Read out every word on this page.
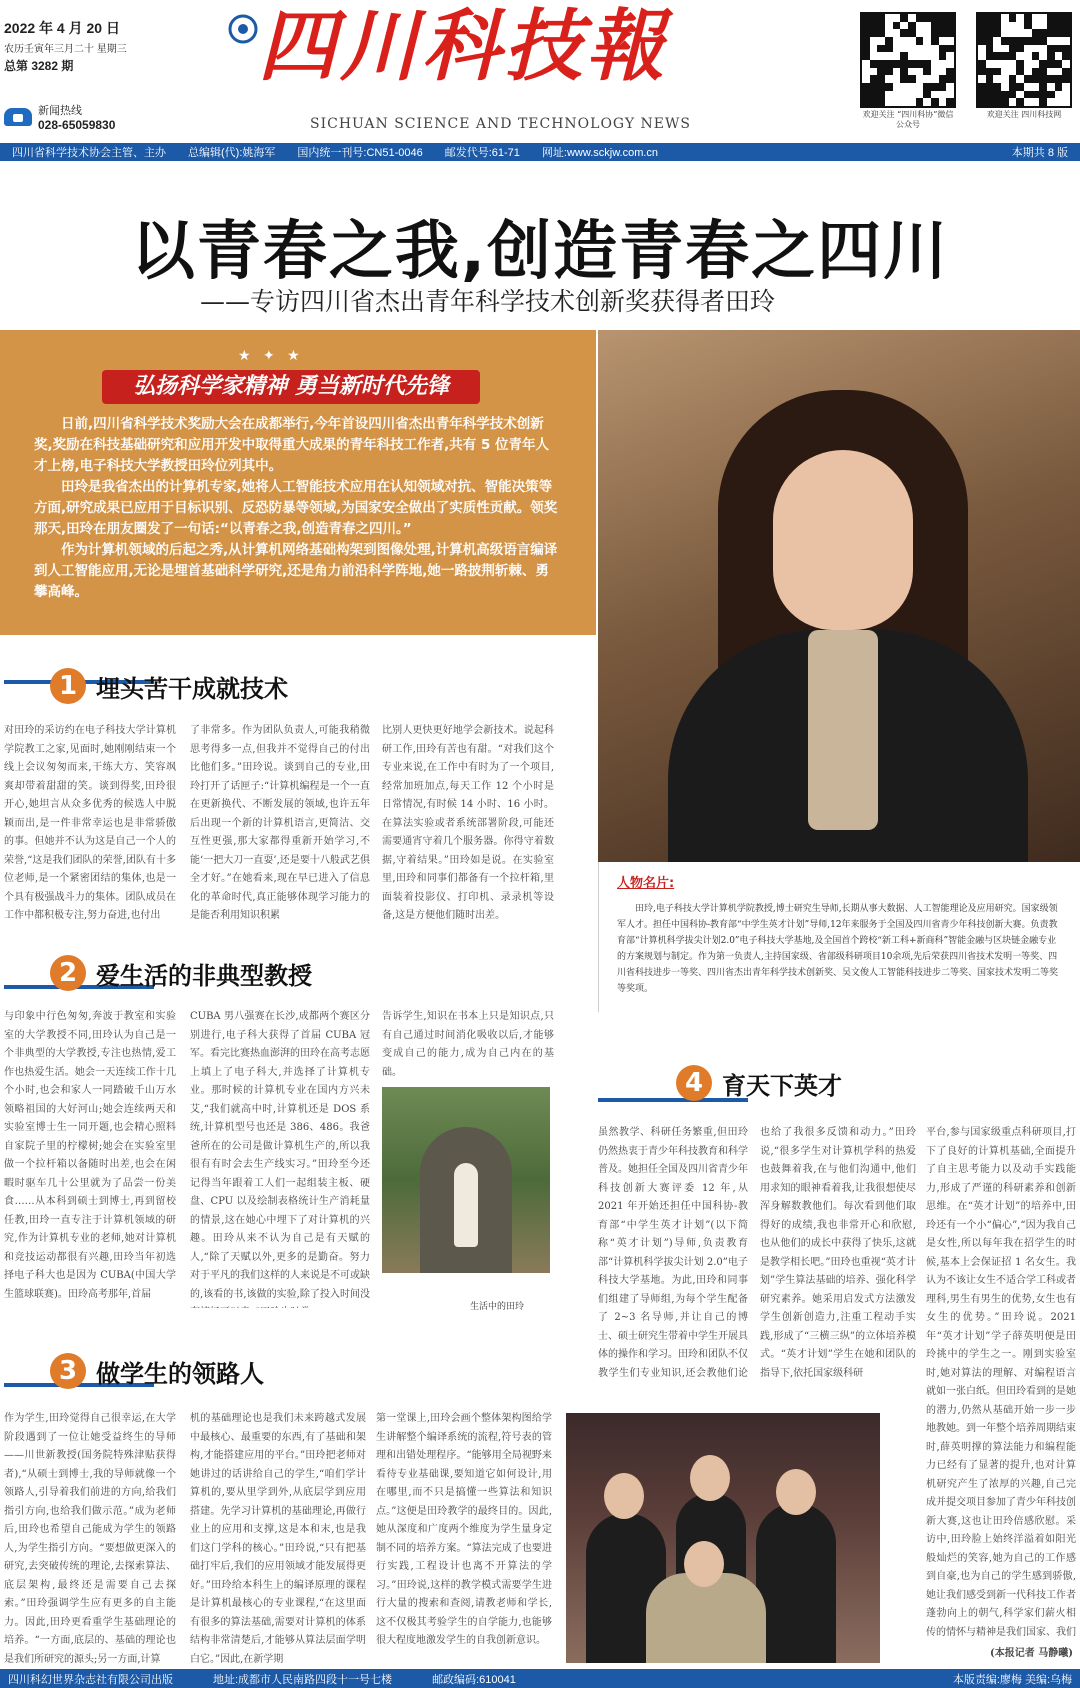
2022 年 4 月 20 日
农历壬寅年三月二十 星期三
总第 3282 期
新闻热线
028-65059830
四川科技報
SICHUAN SCIENCE AND TECHNOLOGY NEWS
欢迎关注 “四川科协”微信公众号
欢迎关注 四川科技网
四川省科学技术协会主管、主办 总编辑(代):姚海军 国内统一刊号:CN51-0046 邮发代号:61-71 网址:www.sckjw.com.cn	本期共 8 版
以青春之我,创造青春之四川
——专访四川省杰出青年科学技术创新奖获得者田玲
★ ✦ ★
弘扬科学家精神 勇当新时代先锋

日前,四川省科学技术奖励大会在成都举行,今年首设四川省杰出青年科学技术创新奖,奖励在科技基础研究和应用开发中取得重大成果的青年科技工作者,共有 5 位青年人才上榜,电子科技大学教授田玲位列其中。

田玲是我省杰出的计算机专家,她将人工智能技术应用在认知领域对抗、智能决策等方面,研究成果已应用于目标识别、反恐防暴等领域,为国家安全做出了实质性贡献。领奖那天,田玲在朋友圈发了一句话:“以青春之我,创造青春之四川。”

作为计算机领域的后起之秀,从计算机网络基础构架到图像处理,计算机高级语言编译到人工智能应用,无论是埋首基础科学研究,还是角力前沿科学阵地,她一路披荆斩棘、勇攀高峰。

人物名片:
田玲,电子科技大学计算机学院教授,博士研究生导师,长期从事大数据、人工智能理论及应用研究。国家级领军人才。担任中国科协-教育部“中学生英才计划”导师,12年来服务于全国及四川省青少年科技创新大赛。负责教育部“计算机科学拔尖计划2.0”电子科技大学基地,及全国首个跨校“新工科+新商科”智能金融与区块链金融专业的方案规划与制定。作为第一负责人,主持国家级、省部级科研项目10余项,先后荣获四川省技术发明一等奖、四川省科技进步一等奖、四川省杰出青年科学技术创新奖、吴文俊人工智能科技进步二等奖、国家技术发明二等奖等奖项。
1 埋头苦干成就技术
对田玲的采访约在电子科技大学计算机学院教工之家,见面时,她刚刚结束一个线上会议匆匆而来,干练大方、笑容飒爽却带着甜甜的笑。谈到得奖,田玲很开心,她坦言从众多优秀的候选人中脱颖而出,是一件非常幸运也是非常骄傲的事。但她并不认为这是自己一个人的荣誉,“这是我们团队的荣誉,团队有十多位老师,是一个紧密团结的集体,也是一个具有极强战斗力的集体。团队成员在工作中都积极专注,努力奋进,也付出
了非常多。作为团队负责人,可能我稍微思考得多一点,但我并不觉得自己的付出比他们多。”田玲说。谈到自己的专业,田玲打开了话匣子:“计算机编程是一个一直在更新换代、不断发展的领域,也许五年后出现一个新的计算机语言,更简洁、交互性更强,那大家都得重新开始学习,不能‘一把大刀一直耍’,还是要十八般武艺俱全才好。”在她看来,现在早已进入了信息化的革命时代,真正能够体现学习能力的是能否利用知识积累
比别人更快更好地学会新技术。说起科研工作,田玲有苦也有甜。“对我们这个专业来说,在工作中有时为了一个项目,经常加班加点,每天工作 12 个小时是日常情况,有时候 14 小时、16 小时。在算法实验或者系统部署阶段,可能还需要通宵守着几个服务器。你得守着数据,守着结果。”田玲如是说。在实验室里,田玲和同事们都备有一个拉杆箱,里面装着投影仪、打印机、录录机等设备,这是方便他们随时出差。
2 爱生活的非典型教授
与印象中行色匆匆,奔波于教室和实验室的大学教授不同,田玲认为自己是一个非典型的大学教授,专注也热情,爱工作也热爱生活。她会一天连续工作十几个小时,也会和家人一同踏破千山万水领略祖国的大好河山;她会连续两天和实验室博士生一同开题,也会精心照料自家院子里的柠檬树;她会在实验室里做一个拉杆箱以备随时出差,也会在闲暇时驱车几十公里就为了品尝一份美食……从本科到硕士到博士,再到留校任教,田玲一直专注于计算机领域的研究,作为计算机专业的老师,她对计算机和竞技运动都很有兴趣,田玲当年初选择电子科大也是因为 CUBA(中国大学生篮球联赛)。田玲高考那年,首届
CUBA 男八强赛在长沙,成都两个赛区分别进行,电子科大获得了首届 CUBA 冠军。看完比赛热血澎湃的田玲在高考志愿上填上了电子科大,并选择了计算机专业。那时候的计算机专业在国内方兴未艾,“我们就高中时,计算机还是 DOS 系统,计算机型号也还是 386、486。我爸爸所在的公司是做计算机生产的,所以我很有有时会去生产线实习。”田玲至今还记得当年跟着工人们一起组装主板、硬盘、CPU 以及绘制表格统计生产消耗量的情景,这在她心中埋下了对计算机的兴趣。田玲从来不认为自己是有天赋的人,“除了天赋以外,更多的是勤奋。努力对于平凡的我们这样的人来说是不可或缺的,该看的书,该做的实验,除了投入时间没
告诉学生,知识在书本上只是知识点,只有自己通过时间消化吸收以后,才能够变成自己的能力,成为自己内在的基础。
生活中的田玲
3 做学生的领路人
作为学生,田玲觉得自己很幸运,在大学阶段遇到了一位让她受益终生的导师——川世新教授(国务院特殊津贴获得者),“从硕士到博士,我的导师就像一个领路人,引导着我们前进的方向,给我们指引方向,也给我们做示范。”成为老师后,田玲也希望自己能成为学生的领路人,为学生指引方向。“要想做更深入的研究,去突破传统的理论,去探索算法、底层架构,最终还是需要自己去探索。”田玲强调学生应有更多的自主能力。因此,田玲更看重学生基础理论的培养。“一方面,底层的、基础的理论也是我们所研究的源头;另一方面,计算
机的基础理论也是我们未来跨越式发展中最核心、最重要的东西,有了基础和架构,才能搭建应用的平台。”田玲把老师对她讲过的话讲给自己的学生,“咱们学计算机的,要从里学到外,从底层学到应用搭建。先学习计算机的基础理论,再做行业上的应用和支撑,这是本和末,也是我们这门学科的核心。”田玲说,“只有把基础打牢后,我们的应用领域才能发展得更好。”田玲给本科生上的编译原理的课程是计算机最核心的专业课程,“在这里面有很多的算法基础,需要对计算机的体系结构非常清楚后,才能够从算法层面学明白它。”因此,在新学期
第一堂课上,田玲会画个整体架构图给学生讲解整个编译系统的流程,符号表的管理和出错处理程序。“能够用全局视野来看待专业基础课,要知道它如何设计,用在哪里,而不只是搞懂一些算法和知识点。”这便是田玲教学的最终目的。因此,她从深度和广度两个维度为学生量身定制不同的培养方案。“算法完成了也要进行实践,工程设计也离不开算法的学习。”田玲说,这样的教学模式需要学生进行大量的搜索和查阅,请教老师和学长,这不仅极其考验学生的自学能力,也能够很大程度地激发学生的自我创新意识。
4 育天下英才
虽然教学、科研任务繁重,但田玲仍然热衷于青少年科技教育和科学普及。她担任全国及四川省青少年科技创新大赛评委 12 年,从 2021 年开始还担任中国科协-教育部“中学生英才计划”(以下简称“英才计划”)导师,负责教育部“计算机科学拔尖计划 2.0”电子科技大学基地。为此,田玲和同事们组建了导师组,为每个学生配备了 2~3 名导师,并让自己的博士、硕士研究生带着中学生开展具体的操作和学习。田玲和团队不仅教学生们专业知识,还会教他们论
也给了我很多反馈和动力。”田玲说,“很多学生对计算机学科的热爱也鼓舞着我,在与他们沟通中,他们用求知的眼神看着我,让我很想使尽浑身解数教他们。每次看到他们取得好的成绩,我也非常开心和欣慰,也从他们的成长中获得了快乐,这就是教学相长吧。”田玲也重视“英才计划”学生算法基础的培养、强化科学研究素养。她采用启发式方法激发学生创新创造力,注重工程动手实践,形成了“三横三纵”的立体培养模式。“英才计划”学生在她和团队的指导下,依托国家级科研
平台,参与国家级重点科研项目,打下了良好的计算机基础,全面提升了自主思考能力以及动手实践能力,形成了严谨的科研素养和创新思维。在“英才计划”的培养中,田玲还有一个小“偏心”,“因为我自己是女性,所以每年我在招学生的时候,基本上会保证招 1 名女生。我认为不该让女生不适合学工科或者理科,男生有男生的优势,女生也有女生的优势。”田玲说。2021 年“英才计划”学子薛英明便是田玲挑中的学生之一。刚到实验室时,她对算法的理解、对编程语言就如一张白纸。但田玲看到的是她的潜力,仍然从基础开始一步一步地教她。到一年整个培养周期结束时,薛英明撑的算法能力和编程能力已经有了显著的提升,也对计算机研究产生了浓厚的兴趣,自己完成并提交项目参加了青少年科技创新大赛,这也让田玲倍感欣慰。采访中,田玲脸上始终洋溢着如阳光般灿烂的笑容,她为自己的工作感到自豪,也为自己的学生感到骄傲,她让我们感受到新一代科技工作者蓬勃向上的朝气,科学家们薪火相传的情怀与精神是我们国家、我们
(本报记者 马静曦)
四川科幻世界杂志社有限公司出版	地址:成都市人民南路四段十一号七楼	邮政编码:610041	本版责编:廖梅 美编:乌梅
